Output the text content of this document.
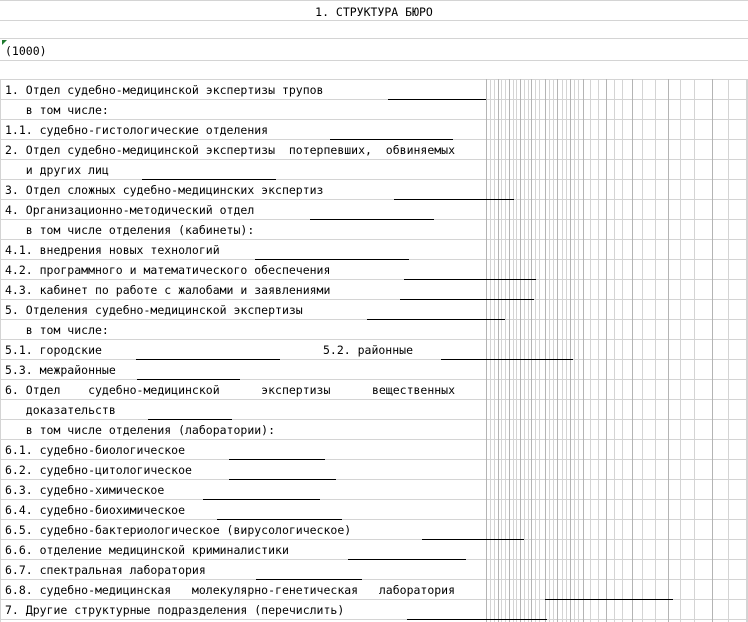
1. СТРУКТУРА БЮРО
(1000)
1. Отдел судебно-медицинской экспертизы трупов
в том числе:
1.1. судебно-гистологические отделения
2. Отдел судебно-медицинской экспертизы  потерпевших,  обвиняемых
и других лиц
3. Отдел сложных судебно-медицинских экспертиз
4. Организационно-методический отдел
в том числе отделения (кабинеты):
4.1. внедрения новых технологий
4.2. программного и математического обеспечения
4.3. кабинет по работе с жалобами и заявлениями
5. Отделения судебно-медицинской экспертизы
в том числе:
5.1. городские	5.2. районные
5.3. межрайонные
6. Отдел    судебно-медицинской      экспертизы      вещественных
доказательств
в том числе отделения (лаборатории):
6.1. судебно-биологическое
6.2. судебно-цитологическое
6.3. судебно-химическое
6.4. судебно-биохимическое
6.5. судебно-бактериологическое (вирусологическое)
6.6. отделение медицинской криминалистики
6.7. спектральная лаборатория
6.8. судебно-медицинская   молекулярно-генетическая   лаборатория
7. Другие структурные подразделения (перечислить)
